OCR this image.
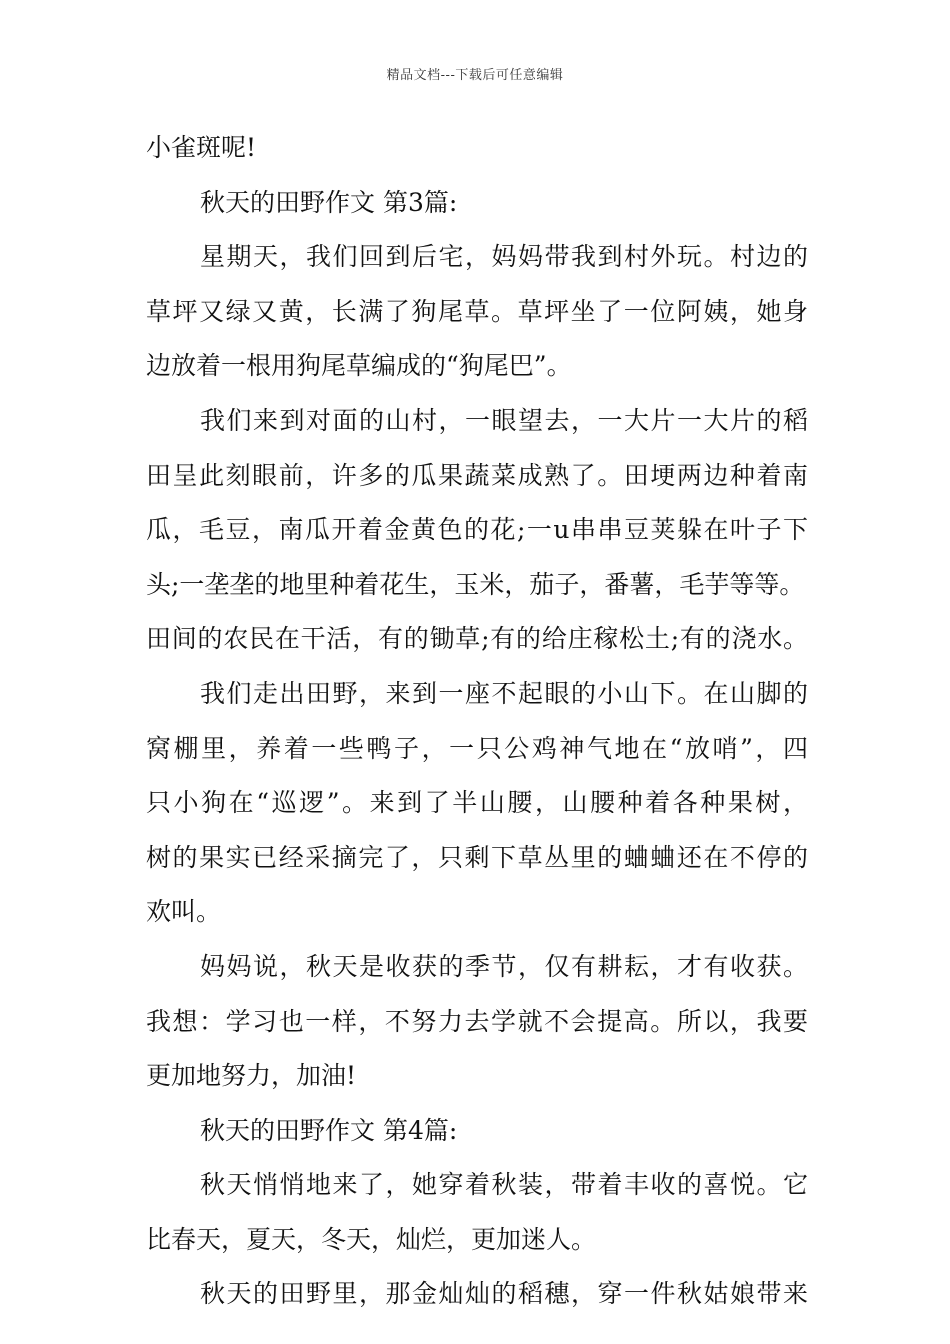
精品文档---下载后可任意编辑
小雀斑呢!
秋天的田野作文 第3篇:
星期天，我们回到后宅，妈妈带我到村外玩。村边的
草坪又绿又黄，长满了狗尾草。草坪坐了一位阿姨，她身
边放着一根用狗尾草编成的“狗尾巴”。
我们来到对面的山村，一眼望去，一大片一大片的稻
田呈此刻眼前，许多的瓜果蔬菜成熟了。田埂两边种着南
瓜，毛豆，南瓜开着金黄色的花;一u串串豆荚躲在叶子下
头;一垄垄的地里种着花生，玉米，茄子，番薯，毛芋等等。
田间的农民在干活，有的锄草;有的给庄稼松土;有的浇水。
我们走出田野，来到一座不起眼的小山下。在山脚的
窝棚里，养着一些鸭子，一只公鸡神气地在“放哨”，四
只小狗在“巡逻”。来到了半山腰，山腰种着各种果树，
树的果实已经采摘完了，只剩下草丛里的蛐蛐还在不停的
欢叫。
妈妈说，秋天是收获的季节，仅有耕耘，才有收获。
我想：学习也一样，不努力去学就不会提高。所以，我要
更加地努力，加油!
秋天的田野作文 第4篇:
秋天悄悄地来了，她穿着秋装，带着丰收的喜悦。它
比春天，夏天，冬天，灿烂，更加迷人。
秋天的田野里，那金灿灿的稻穗，穿一件秋姑娘带来
